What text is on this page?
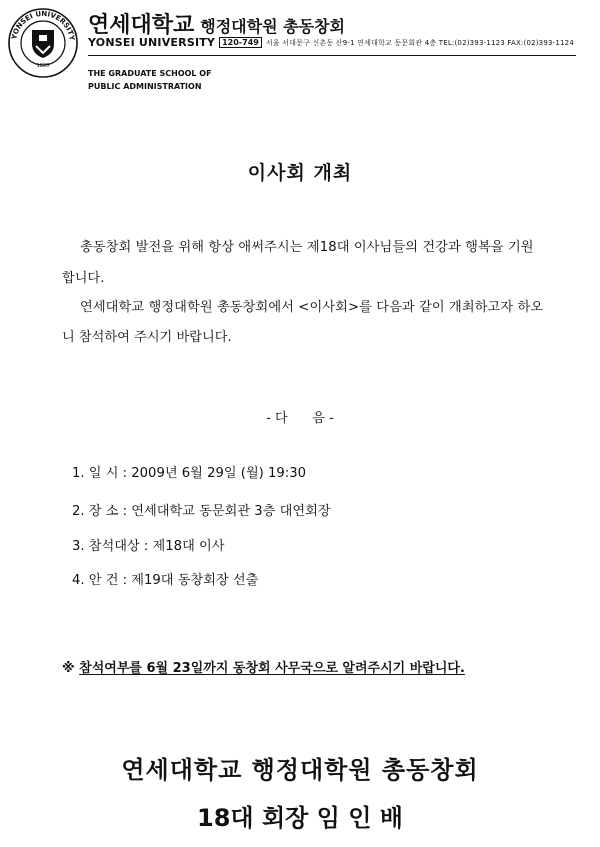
YONSEI UNIVERSITY
1885
연세대학교 행정대학원 총동창회
YONSEI UNIVERSITY 120-749 서울 서대문구 신촌동 산9-1 연세대학교 동문회관 4층 TEL:(02)393-1123 FAX:(02)393-1124
THE GRADUATE SCHOOL OF
PUBLIC ADMINISTRATION
이사회 개최
총동창회 발전을 위해 항상 애써주시는 제18대 이사님들의 건강과 행복을 기원
합니다.
연세대학교 행정대학원 총동창회에서 <이사회>를 다음과 같이 개최하고자 하오
니 참석하여 주시기 바랍니다.
- 다      음 -
1. 일 시 : 2009년 6월 29일 (월) 19:30
2. 장 소 : 연세대학교 동문회관 3층 대연회장
3. 참석대상 : 제18대 이사
4. 안 건 : 제19대 동창회장 선출
※ 참석여부를 6월 23일까지 동창회 사무국으로 알려주시기 바랍니다.
연세대학교 행정대학원 총동창회
18대 회장 임 인 배
